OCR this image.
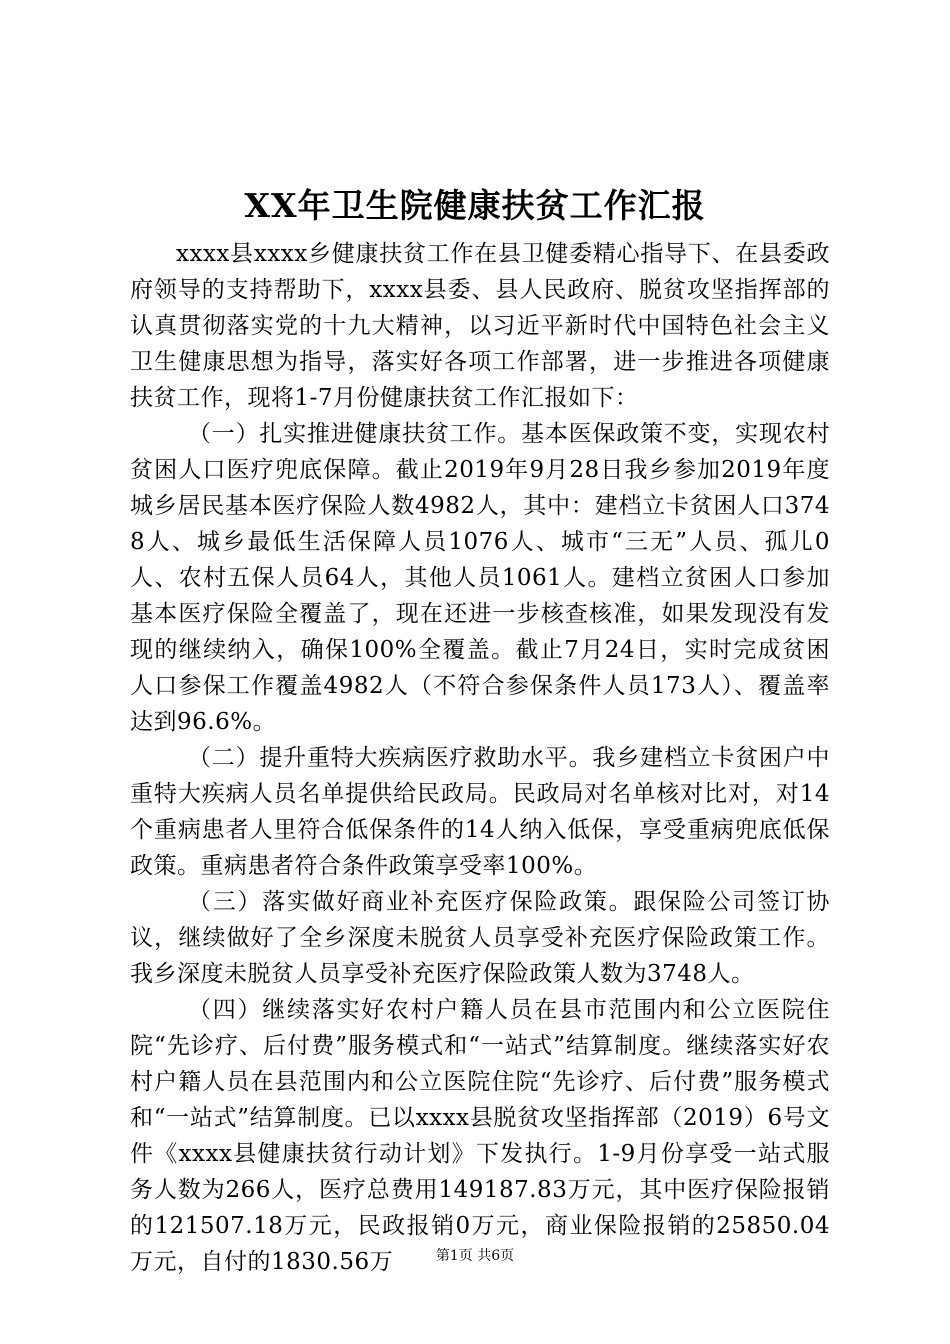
XX年卫生院健康扶贫工作汇报

xxxx县xxxx乡健康扶贫工作在县卫健委精心指导下、在县委政府领导的支持帮助下，xxxx县委、县人民政府、脱贫攻坚指挥部的认真贯彻落实党的十九大精神，以习近平新时代中国特色社会主义卫生健康思想为指导，落实好各项工作部署，进一步推进各项健康扶贫工作，现将1-7月份健康扶贫工作汇报如下：

（一）扎实推进健康扶贫工作。基本医保政策不变，实现农村贫困人口医疗兜底保障。截止2019年9月28日我乡参加2019年度城乡居民基本医疗保险人数4982人，其中：建档立卡贫困人口3748人、城乡最低生活保障人员1076人、城市“三无”人员、孤儿0人、农村五保人员64人，其他人员1061人。建档立贫困人口参加基本医疗保险全覆盖了，现在还进一步核查核准，如果发现没有发现的继续纳入，确保100%全覆盖。截止7月24日，实时完成贫困人口参保工作覆盖4982人（不符合参保条件人员173人）、覆盖率达到96.6%。

（二）提升重特大疾病医疗救助水平。我乡建档立卡贫困户中重特大疾病人员名单提供给民政局。民政局对名单核对比对，对14个重病患者人里符合低保条件的14人纳入低保，享受重病兜底低保政策。重病患者符合条件政策享受率100%。

（三）落实做好商业补充医疗保险政策。跟保险公司签订协议，继续做好了全乡深度未脱贫人员享受补充医疗保险政策工作。我乡深度未脱贫人员享受补充医疗保险政策人数为3748人。

（四）继续落实好农村户籍人员在县市范围内和公立医院住院“先诊疗、后付费”服务模式和“一站式”结算制度。继续落实好农村户籍人员在县范围内和公立医院住院“先诊疗、后付费”服务模式和“一站式”结算制度。已以xxxx县脱贫攻坚指挥部（2019）6号文件《xxxx县健康扶贫行动计划》下发执行。1-9月份享受一站式服务人数为266人，医疗总费用149187.83万元，其中医疗保险报销的121507.18万元，民政报销0万元，商业保险报销的25850.04万元，自付的1830.56万	第1页 共6页
